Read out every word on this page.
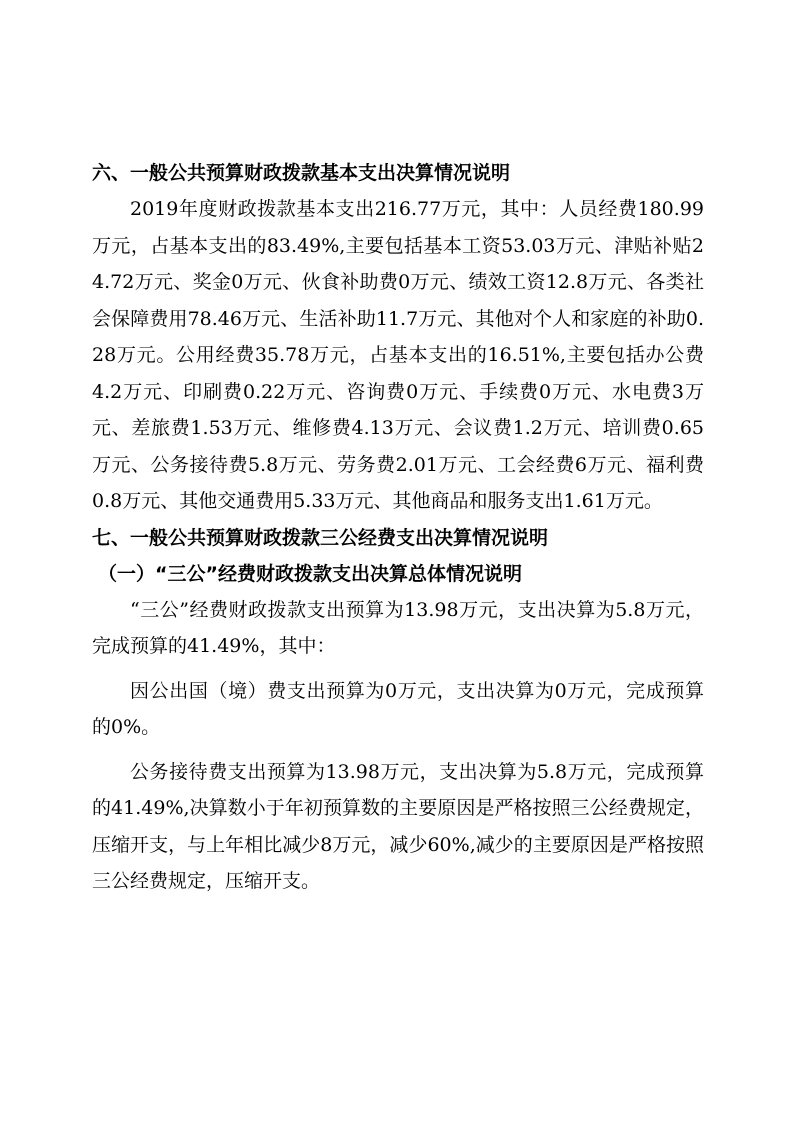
六、一般公共预算财政拨款基本支出决算情况说明

2019年度财政拨款基本支出216.77万元，其中：人员经费180.99万元，占基本支出的83.49%,主要包括基本工资53.03万元、津贴补贴24.72万元、奖金0万元、伙食补助费0万元、绩效工资12.8万元、各类社会保障费用78.46万元、生活补助11.7万元、其他对个人和家庭的补助0.28万元。公用经费35.78万元，占基本支出的16.51%,主要包括办公费4.2万元、印刷费0.22万元、咨询费0万元、手续费0万元、水电费3万元、差旅费1.53万元、维修费4.13万元、会议费1.2万元、培训费0.65万元、公务接待费5.8万元、劳务费2.01万元、工会经费6万元、福利费0.8万元、其他交通费用5.33万元、其他商品和服务支出1.61万元。

七、一般公共预算财政拨款三公经费支出决算情况说明
（一）“三公”经费财政拨款支出决算总体情况说明

“三公”经费财政拨款支出预算为13.98万元，支出决算为5.8万元，完成预算的41.49%，其中：

因公出国（境）费支出预算为0万元，支出决算为0万元，完成预算的0%。

公务接待费支出预算为13.98万元，支出决算为5.8万元，完成预算的41.49%,决算数小于年初预算数的主要原因是严格按照三公经费规定，压缩开支，与上年相比减少8万元，减少60%,减少的主要原因是严格按照三公经费规定，压缩开支。
